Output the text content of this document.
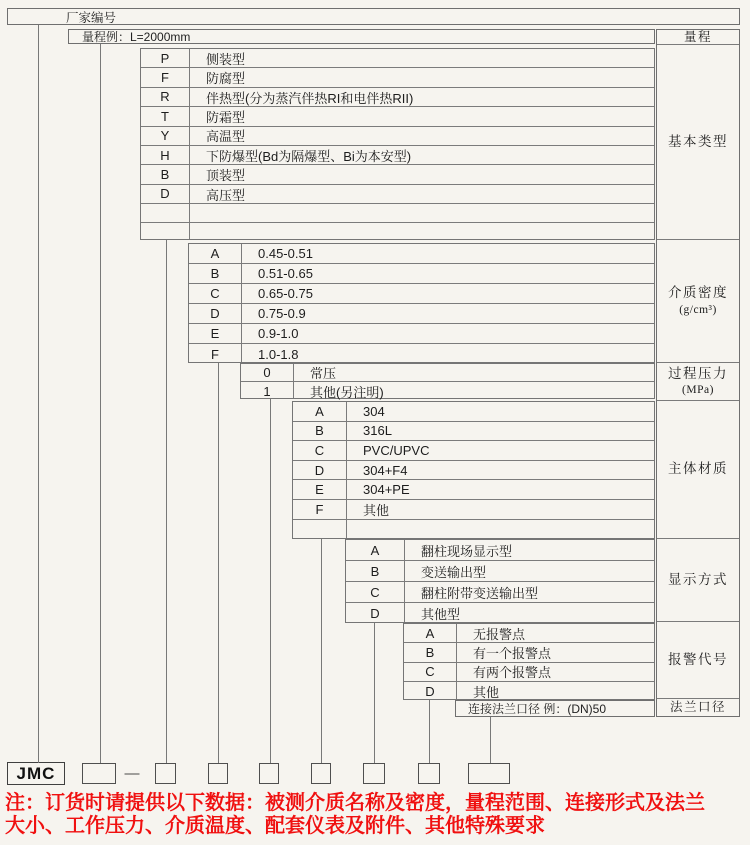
厂家编号
量程例：L=2000mm	量程
基本类型
介质密度
(g/cm³)
过程压力
(MPa)
主体材质
显示方式
报警代号
法兰口径
连接法兰口径 例：(DN)50
JMC	—
注：订货时请提供以下数据：被测介质名称及密度，量程范围、连接形式及法兰
大小、工作压力、介质温度、配套仪表及附件、其他特殊要求
P	侧装型
F	防腐型
R	伴热型(分为蒸汽伴热RI和电伴热RII)
T	防霜型
Y	高温型
H	下防爆型(Bd为隔爆型、Bi为本安型)
B	顶装型
D	高压型
A	0.45-0.51
B	0.51-0.65
C	0.65-0.75
D	0.75-0.9
E	0.9-1.0
F	1.0-1.8
0	常压
1	其他(另注明)
A	304
B	316L
C	PVC/UPVC
D	304+F4
E	304+PE
F	其他
A	翻柱现场显示型
B	变送输出型
C	翻柱附带变送输出型
D	其他型
A	无报警点
B	有一个报警点
C	有两个报警点
D	其他
